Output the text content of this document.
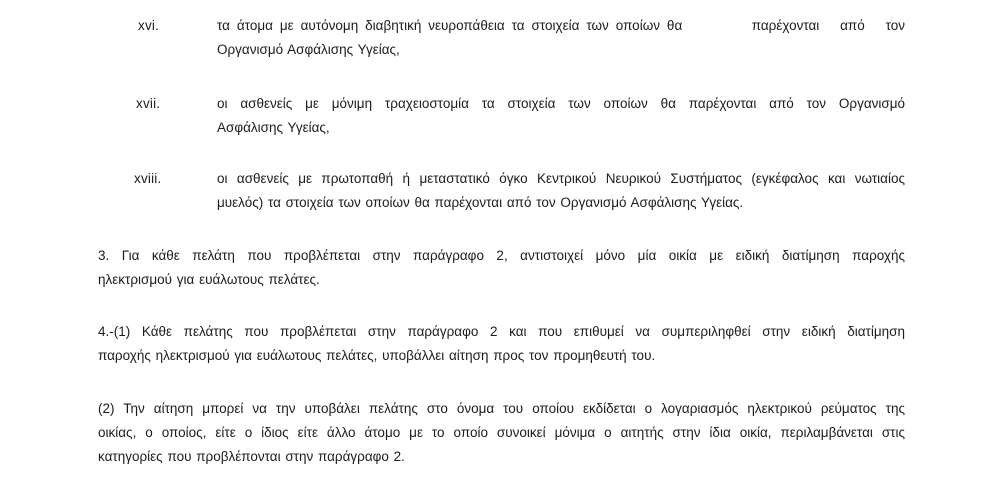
xvi.	τα άτομα με αυτόνομη διαβητική νευροπάθεια τα στοιχεία των οποίων θα          παρέχονται   από   τον
Οργανισμό Ασφάλισης Υγείας,
xvii.	οι ασθενείς με μόνιμη τραχειοστομία τα στοιχεία των οποίων θα παρέχονται από τον Οργανισμό
Ασφάλισης Υγείας,
xviii.	οι ασθενείς με πρωτοπαθή ή μεταστατικό όγκο Κεντρικού Νευρικού Συστήματος (εγκέφαλος και νωτιαίος
μυελός) τα στοιχεία των οποίων θα παρέχονται από τον Οργανισμό Ασφάλισης Υγείας.
3. Για κάθε πελάτη που προβλέπεται στην παράγραφο 2, αντιστοιχεί μόνο μία οικία με ειδική διατίμηση παροχής
ηλεκτρισμού για ευάλωτους πελάτες.
4.-(1) Κάθε πελάτης που προβλέπεται στην παράγραφο 2 και που επιθυμεί να συμπεριληφθεί στην ειδική διατίμηση
παροχής ηλεκτρισμού για ευάλωτους πελάτες, υποβάλλει αίτηση προς τον προμηθευτή του.
(2) Την αίτηση μπορεί να την υποβάλει πελάτης στο όνομα του οποίου εκδίδεται ο λογαριασμός ηλεκτρικού ρεύματος της
οικίας, ο οποίος, είτε ο ίδιος είτε άλλο άτομο με το οποίο συνοικεί μόνιμα ο αιτητής στην ίδια οικία, περιλαμβάνεται στις
κατηγορίες που προβλέπονται στην παράγραφο 2.
